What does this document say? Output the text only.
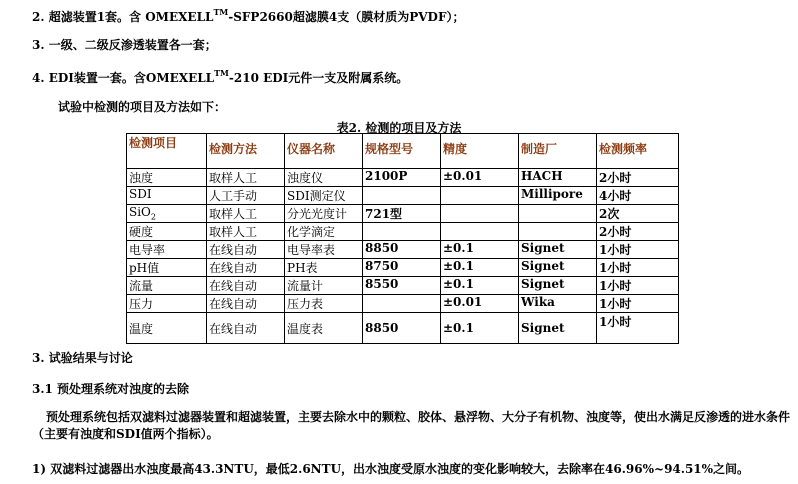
2. 超滤装置1套。含 OMEXELL™-SFP2660超滤膜4支（膜材质为PVDF）；
3. 一级、二级反渗透装置各一套；
4. EDI装置一套。含OMEXELL™-210 EDI元件一支及附属系统。
试验中检测的项目及方法如下：
表2. 检测的项目及方法
检测项目	检测方法	仪器名称	规格型号	精度	制造厂	检测频率
浊度	取样人工	浊度仪	2100P	±0.01	HACH	2小时
SDI	人工手动	SDI测定仪			Millipore	4小时
SiO$_2$	取样人工	分光光度计	721型			2次
硬度	取样人工	化学滴定				2小时
电导率	在线自动	电导率表	8850	±0.1	Signet	1小时
pH值	在线自动	PH表	8750	±0.1	Signet	1小时
流量	在线自动	流量计	8550	±0.1	Signet	1小时
压力	在线自动	压力表		±0.01	Wika	1小时
温度	在线自动	温度表	8850	±0.1	Signet	1小时
3. 试验结果与讨论
3.1 预处理系统对浊度的去除
预处理系统包括双滤料过滤器装置和超滤装置，主要去除水中的颗粒、胶体、悬浮物、大分子有机物、浊度等，使出水满足反渗透的进水条件（主要有浊度和SDI值两个指标）。
1) 双滤料过滤器出水浊度最高43.3NTU，最低2.6NTU，出水浊度受原水浊度的变化影响较大，去除率在46.96%~94.51%之间。
